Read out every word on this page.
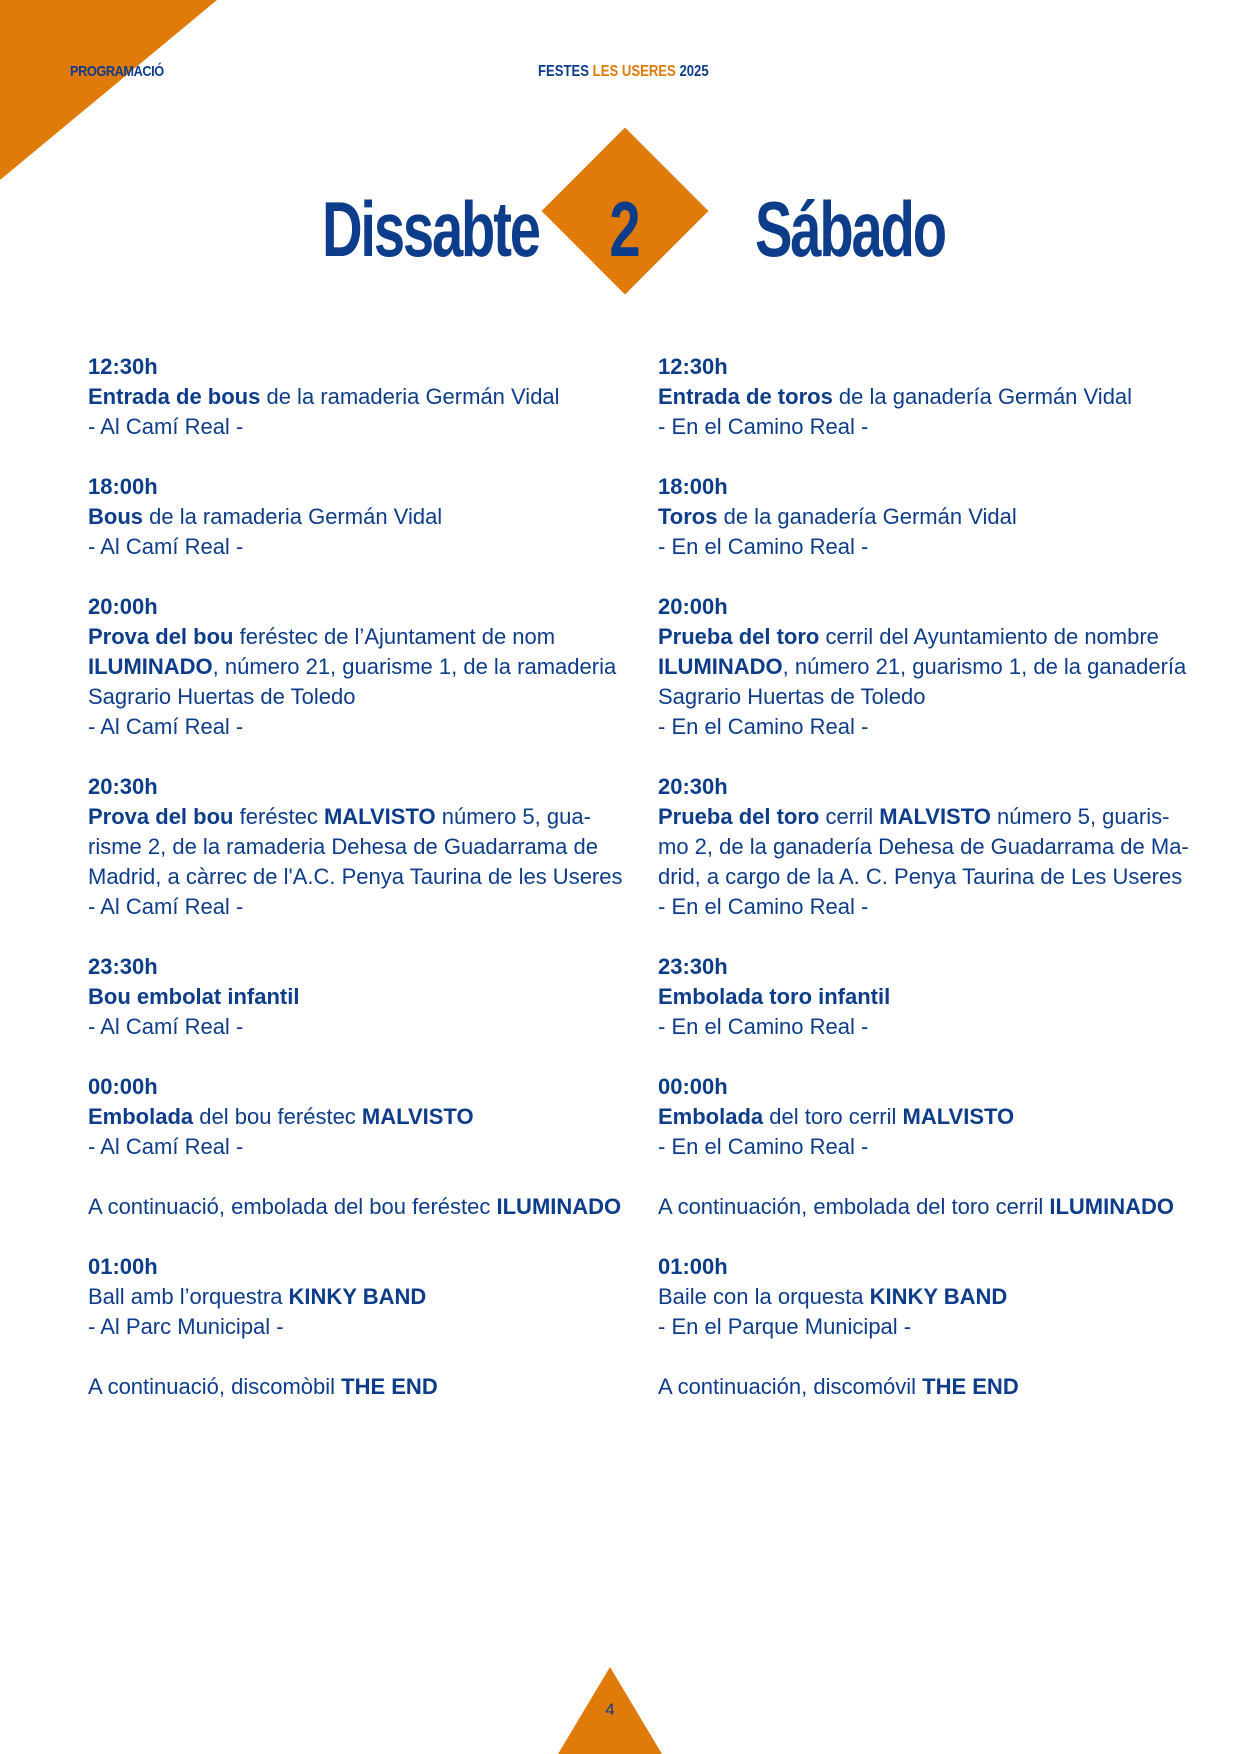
PROGRAMACIÓ	FESTES LES USERES 2025
Dissabte 2	Sábado
12:30h
Entrada de bous de la ramaderia Germán Vidal
- Al Camí Real -
18:00h
Bous de la ramaderia Germán Vidal
- Al Camí Real -
20:00h
Prova del bou feréstec de l’Ajuntament de nom
ILUMINADO, número 21, guarisme 1, de la ramaderia
Sagrario Huertas de Toledo
- Al Camí Real -
20:30h
Prova del bou feréstec MALVISTO número 5, gua-
risme 2, de la ramaderia Dehesa de Guadarrama de
Madrid, a càrrec de l'A.C. Penya Taurina de les Useres
- Al Camí Real -
23:30h
Bou embolat infantil
- Al Camí Real -
00:00h
Embolada del bou feréstec MALVISTO
- Al Camí Real -
A continuació, embolada del bou feréstec ILUMINADO
01:00h
Ball amb l’orquestra KINKY BAND
- Al Parc Municipal -
A continuació, discomòbil THE END
12:30h
Entrada de toros de la ganadería Germán Vidal
- En el Camino Real -
18:00h
Toros de la ganadería Germán Vidal
- En el Camino Real -
20:00h
Prueba del toro cerril del Ayuntamiento de nombre
ILUMINADO, número 21, guarismo 1, de la ganadería
Sagrario Huertas de Toledo
- En el Camino Real -
20:30h
Prueba del toro cerril MALVISTO número 5, guaris-
mo 2, de la ganadería Dehesa de Guadarrama de Ma-
drid, a cargo de la A. C. Penya Taurina de Les Useres
- En el Camino Real -
23:30h
Embolada toro infantil
- En el Camino Real -
00:00h
Embolada del toro cerril MALVISTO
- En el Camino Real -
A continuación, embolada del toro cerril ILUMINADO
01:00h
Baile con la orquesta KINKY BAND
- En el Parque Municipal -
A continuación, discomóvil THE END
4
